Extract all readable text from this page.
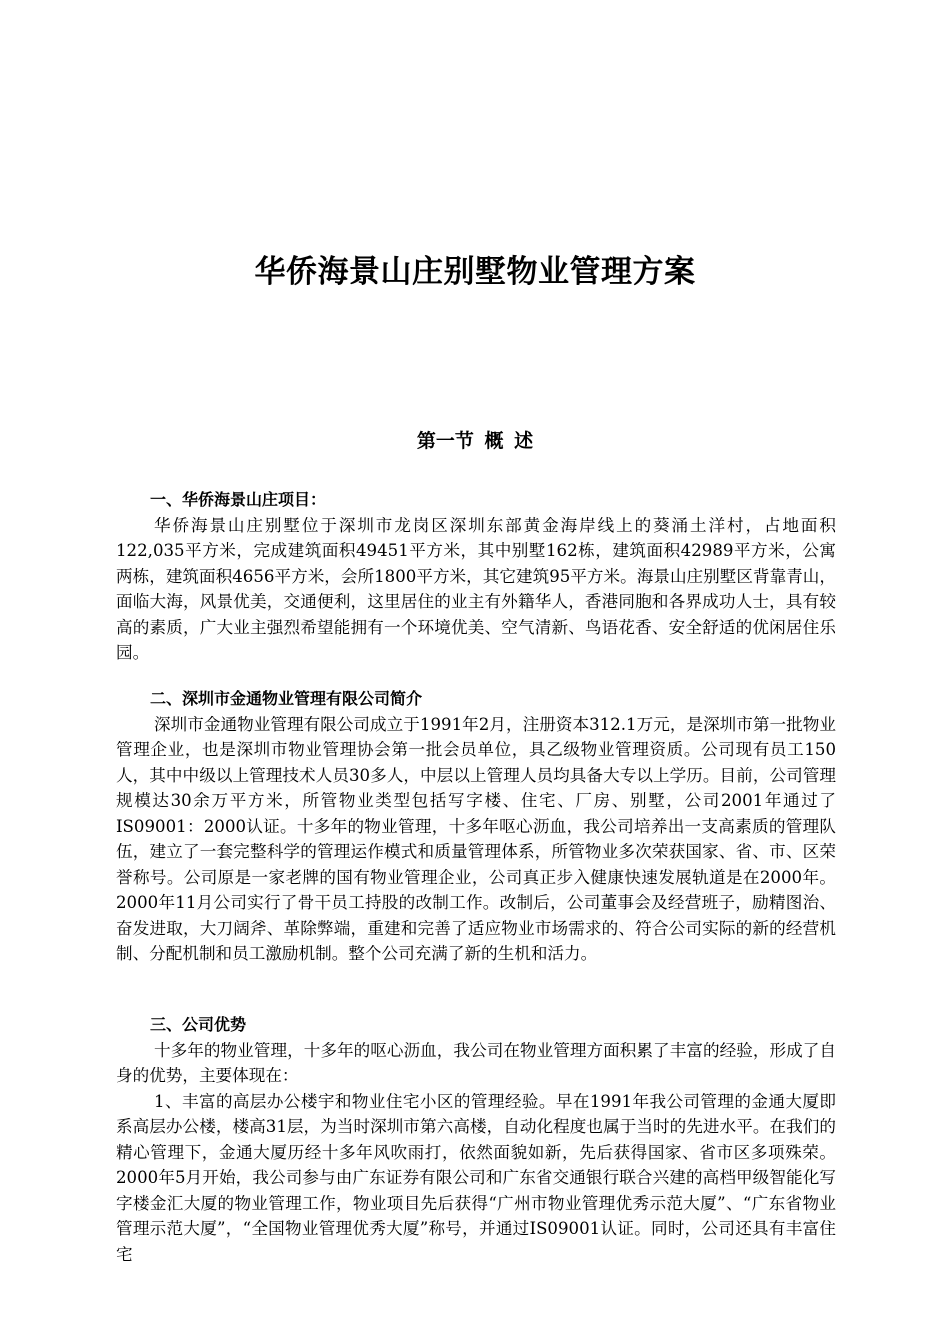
华侨海景山庄别墅物业管理方案
第一节 概 述

一、华侨海景山庄项目：

华侨海景山庄别墅位于深圳市龙岗区深圳东部黄金海岸线上的葵涌土洋村，占地面积122,035平方米，完成建筑面积49451平方米，其中别墅162栋，建筑面积42989平方米，公寓两栋，建筑面积4656平方米，会所1800平方米，其它建筑95平方米。海景山庄别墅区背靠青山，面临大海，风景优美，交通便利，这里居住的业主有外籍华人，香港同胞和各界成功人士，具有较高的素质，广大业主强烈希望能拥有一个环境优美、空气清新、鸟语花香、安全舒适的优闲居住乐园。

二、深圳市金通物业管理有限公司简介

深圳市金通物业管理有限公司成立于1991年2月，注册资本312.1万元，是深圳市第一批物业管理企业，也是深圳市物业管理协会第一批会员单位，具乙级物业管理资质。公司现有员工150人，其中中级以上管理技术人员30多人，中层以上管理人员均具备大专以上学历。目前，公司管理规模达30余万平方米，所管物业类型包括写字楼、住宅、厂房、别墅，公司2001年通过了IS09001：2000认证。十多年的物业管理，十多年呕心沥血，我公司培养出一支高素质的管理队伍，建立了一套完整科学的管理运作模式和质量管理体系，所管物业多次荣获国家、省、市、区荣誉称号。公司原是一家老牌的国有物业管理企业，公司真正步入健康快速发展轨道是在2000年。2000年11月公司实行了骨干员工持股的改制工作。改制后，公司董事会及经营班子，励精图治、奋发进取，大刀阔斧、革除弊端，重建和完善了适应物业市场需求的、符合公司实际的新的经营机制、分配机制和员工激励机制。整个公司充满了新的生机和活力。

三、公司优势

十多年的物业管理，十多年的呕心沥血，我公司在物业管理方面积累了丰富的经验，形成了自身的优势，主要体现在：

1、丰富的高层办公楼宇和物业住宅小区的管理经验。早在1991年我公司管理的金通大厦即系高层办公楼，楼高31层，为当时深圳市第六高楼，自动化程度也属于当时的先进水平。在我们的精心管理下，金通大厦历经十多年风吹雨打，依然面貌如新，先后获得国家、省市区多项殊荣。2000年5月开始，我公司参与由广东证券有限公司和广东省交通银行联合兴建的高档甲级智能化写字楼金汇大厦的物业管理工作，物业项目先后获得“广州市物业管理优秀示范大厦”、“广东省物业管理示范大厦”，“全国物业管理优秀大厦”称号，并通过IS09001认证。同时，公司还具有丰富住宅
